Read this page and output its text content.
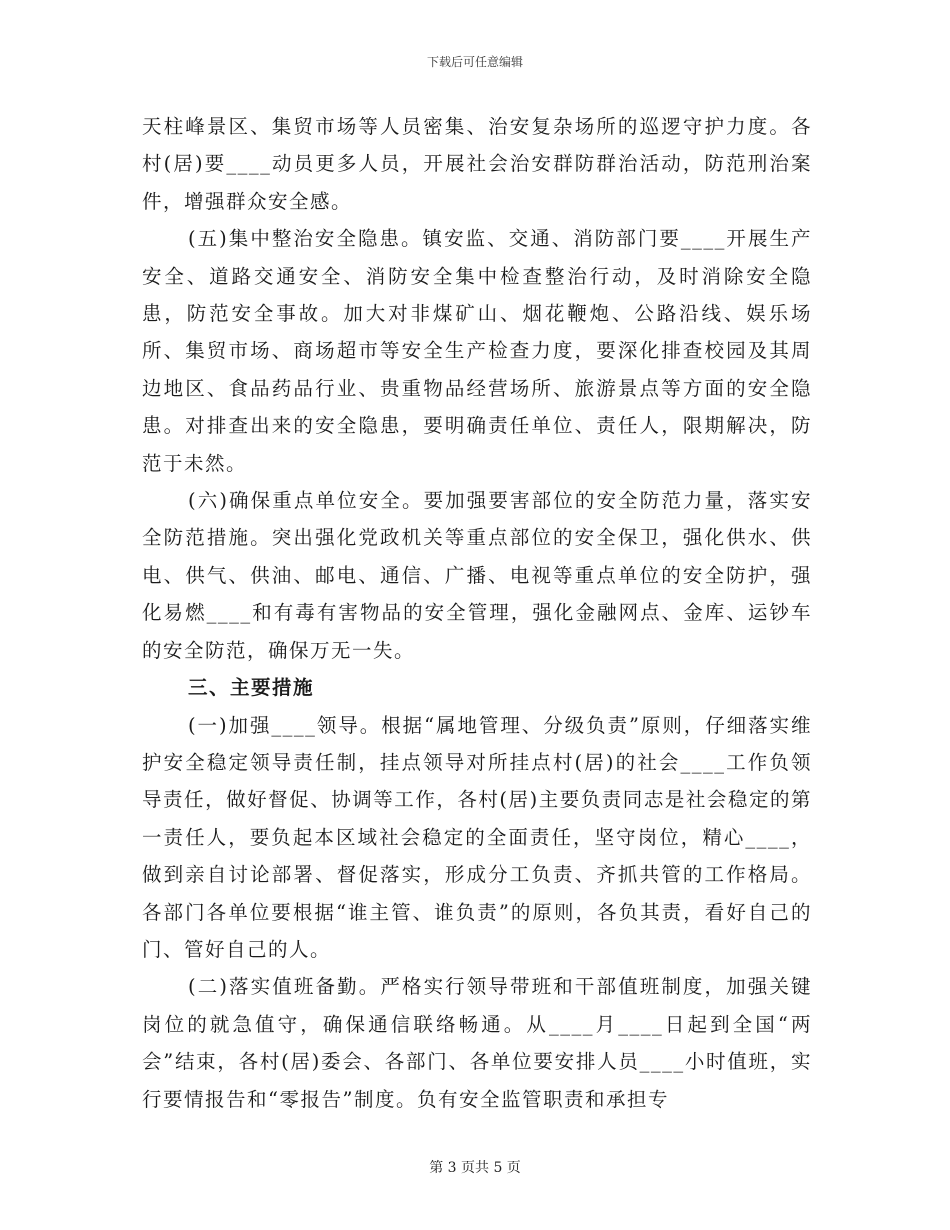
下载后可任意编辑

天柱峰景区、集贸市场等人员密集、治安复杂场所的巡逻守护力度。各村(居)要____动员更多人员，开展社会治安群防群治活动，防范刑治案件，增强群众安全感。

(五)集中整治安全隐患。镇安监、交通、消防部门要____开展生产安全、道路交通安全、消防安全集中检查整治行动，及时消除安全隐患，防范安全事故。加大对非煤矿山、烟花鞭炮、公路沿线、娱乐场所、集贸市场、商场超市等安全生产检查力度，要深化排查校园及其周边地区、食品药品行业、贵重物品经营场所、旅游景点等方面的安全隐患。对排查出来的安全隐患，要明确责任单位、责任人，限期解决，防范于未然。

(六)确保重点单位安全。要加强要害部位的安全防范力量，落实安全防范措施。突出强化党政机关等重点部位的安全保卫，强化供水、供电、供气、供油、邮电、通信、广播、电视等重点单位的安全防护，强化易燃____和有毒有害物品的安全管理，强化金融网点、金库、运钞车的安全防范，确保万无一失。

三、主要措施

(一)加强____领导。根据“属地管理、分级负责”原则，仔细落实维护安全稳定领导责任制，挂点领导对所挂点村(居)的社会____工作负领导责任，做好督促、协调等工作，各村(居)主要负责同志是社会稳定的第一责任人，要负起本区域社会稳定的全面责任，坚守岗位，精心____，做到亲自讨论部署、督促落实，形成分工负责、齐抓共管的工作格局。各部门各单位要根据“谁主管、谁负责”的原则，各负其责，看好自己的门、管好自己的人。

(二)落实值班备勤。严格实行领导带班和干部值班制度，加强关键岗位的就急值守，确保通信联络畅通。从____月____日起到全国“两会”结束，各村(居)委会、各部门、各单位要安排人员____小时值班，实行要情报告和“零报告”制度。负有安全监管职责和承担专

第 3 页共 5 页
